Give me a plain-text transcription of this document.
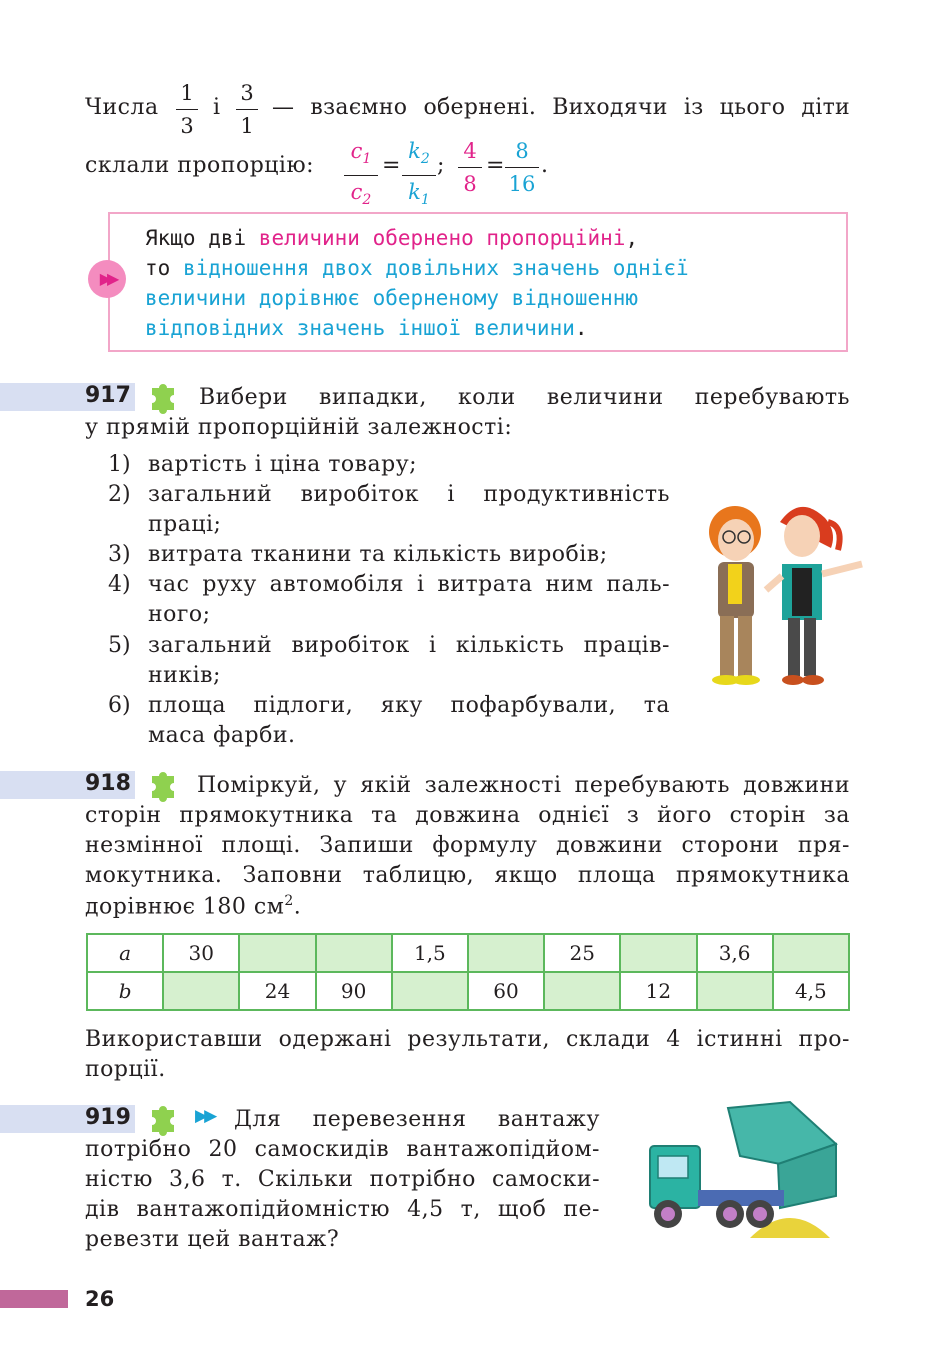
Числа
1
3
і
3
1
— взаємно обернені. Виходячи із цього діти
склали пропорцію:
$c_1$
$c_2$
=
$k_2$
$k_1$
;
4
8
=
8
16
.
▶▶
Якщо дві величини обернено пропорційні,
то відношення двох довільних значень однієї
величини дорівнює оберненому відношенню
відповідних значень іншої величини.
917	Вибери випадки, коли величини перебувають
у прямій пропорційній залежності:
1) вартість і ціна товару;
2) загальний виробіток і продуктивність
праці;
3) витрата тканини та кількість виробів;
4) час руху автомобіля і витрата ним паль-
ного;
5) загальний виробіток і кількість праців-
ників;
6) площа підлоги, яку пофарбували, та
маса фарби.
918	Поміркуй, у якій залежності перебувають довжини
сторін прямокутника та довжина однієї з його сторін за
незмінної площі. Запиши формулу довжини сторони пря-
мокутника. Заповни таблицю, якщо площа прямокутника
дорівнює 180 $см^2$.
a	30			1,5		25		3,6	
b		24	90		60		12		4,5
Використавши одержані результати, склади 4 істинні про-
порції.
919	▶▶ Для перевезення вантажу
потрібно 20 самоскидів вантажопідйом-
ністю 3,6 т. Скільки потрібно самоски-
дів вантажопідйомністю 4,5 т, щоб пе-
ревезти цей вантаж?
26
